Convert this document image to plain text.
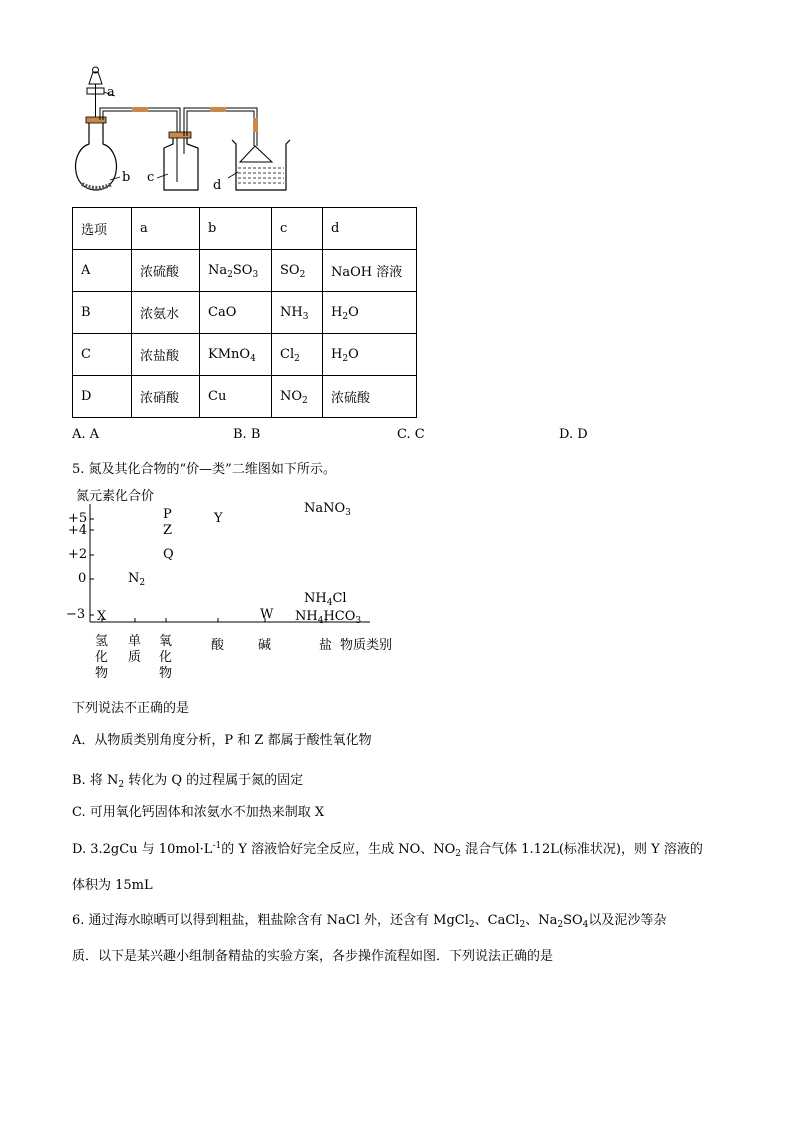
a
b c
d
选项	a	b	c	d
A	浓硫酸	$Na_2SO_3$	$SO_2$	NaOH 溶液
B	浓氨水	CaO	$NH_3$	$H_2O$
C	浓盐酸	KMnO$_4$	$Cl_2$	$H_2O$
D	浓硝酸	Cu	$NO_2$	浓硫酸
A. A	B. B	C. C	D. D
5. 氮及其化合物的“价—类”二维图如下所示。
氮元素化合价
+5
+4
+2
0
−3
P
Z
Q
Y
NaNO$_3$
$N_2$
$NH_4Cl$
W $NH_4HCO_3$
X
氢化物
单质
氧化物
酸	碱	盐 物质类别
下列说法不正确的是
A．从物质类别角度分析，P 和 Z 都属于酸性氧化物
B. 将 $N_2$ 转化为 Q 的过程属于氮的固定
C. 可用氧化钙固体和浓氨水不加热来制取 X
D. 3.2gCu 与 $10mol\cdot L^{-1}$的 Y 溶液恰好完全反应，生成 NO、$NO_2$ 混合气体 1.12L(标准状况)，则 Y 溶液的
体积为 15mL
6. 通过海水晾晒可以得到粗盐，粗盐除含有 NaCl 外，还含有 MgCl$_2$、CaCl$_2$、$Na_2SO_4$以及泥沙等杂
质．以下是某兴趣小组制备精盐的实验方案，各步操作流程如图．下列说法正确的是
